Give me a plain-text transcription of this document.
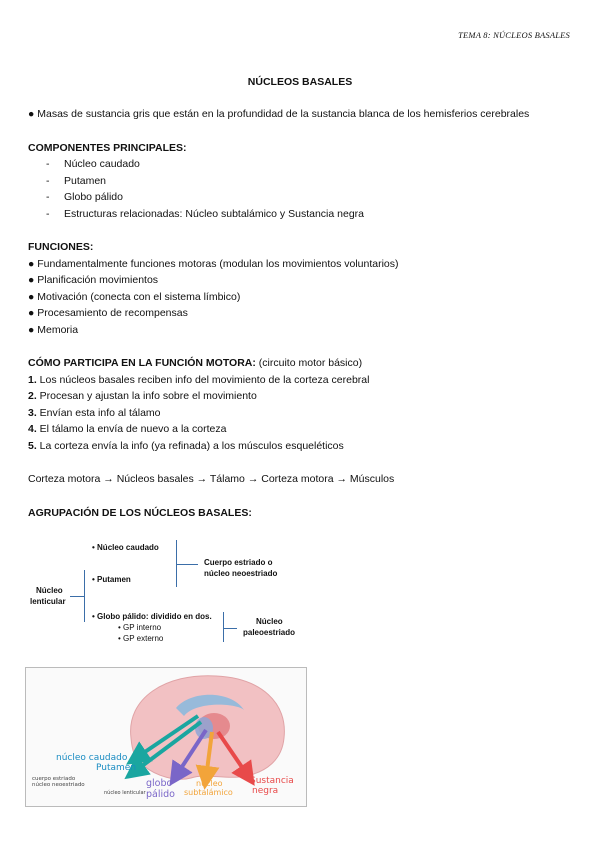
TEMA 8: NÚCLEOS BASALES
NÚCLEOS BASALES
● Masas de sustancia gris que están en la profundidad de la sustancia blanca de los hemisferios cerebrales
COMPONENTES PRINCIPALES:
- Núcleo caudado
- Putamen
- Globo pálido
- Estructuras relacionadas: Núcleo subtalámico y Sustancia negra
FUNCIONES:
● Fundamentalmente funciones motoras (modulan los movimientos voluntarios)
● Planificación movimientos
● Motivación (conecta con el sistema límbico)
● Procesamiento de recompensas
● Memoria
CÓMO PARTICIPA EN LA FUNCIÓN MOTORA: (circuito motor básico)
1. Los núcleos basales reciben info del movimiento de la corteza cerebral
2. Procesan y ajustan la info sobre el movimiento
3. Envían esta info al tálamo
4. El tálamo la envía de nuevo a la corteza
5. La corteza envía la info (ya refinada) a los músculos esqueléticos
Corteza motora → Núcleos basales → Tálamo → Corteza motora → Músculos
AGRUPACIÓN DE LOS NÚCLEOS BASALES:
• Núcleo caudado
• Putamen
• Globo pálido: dividido en dos.
• GP interno
• GP externo
Cuerpo estriado o
núcleo neoestriado
Núcleo
lenticular
Núcleo
paleoestriado
núcleo caudado
Putamen
cuerpo estriado
núcleo neoestriado
núcleo lenticular
globo
pálido
núcleo
subtalámico
Sustancia
negra
